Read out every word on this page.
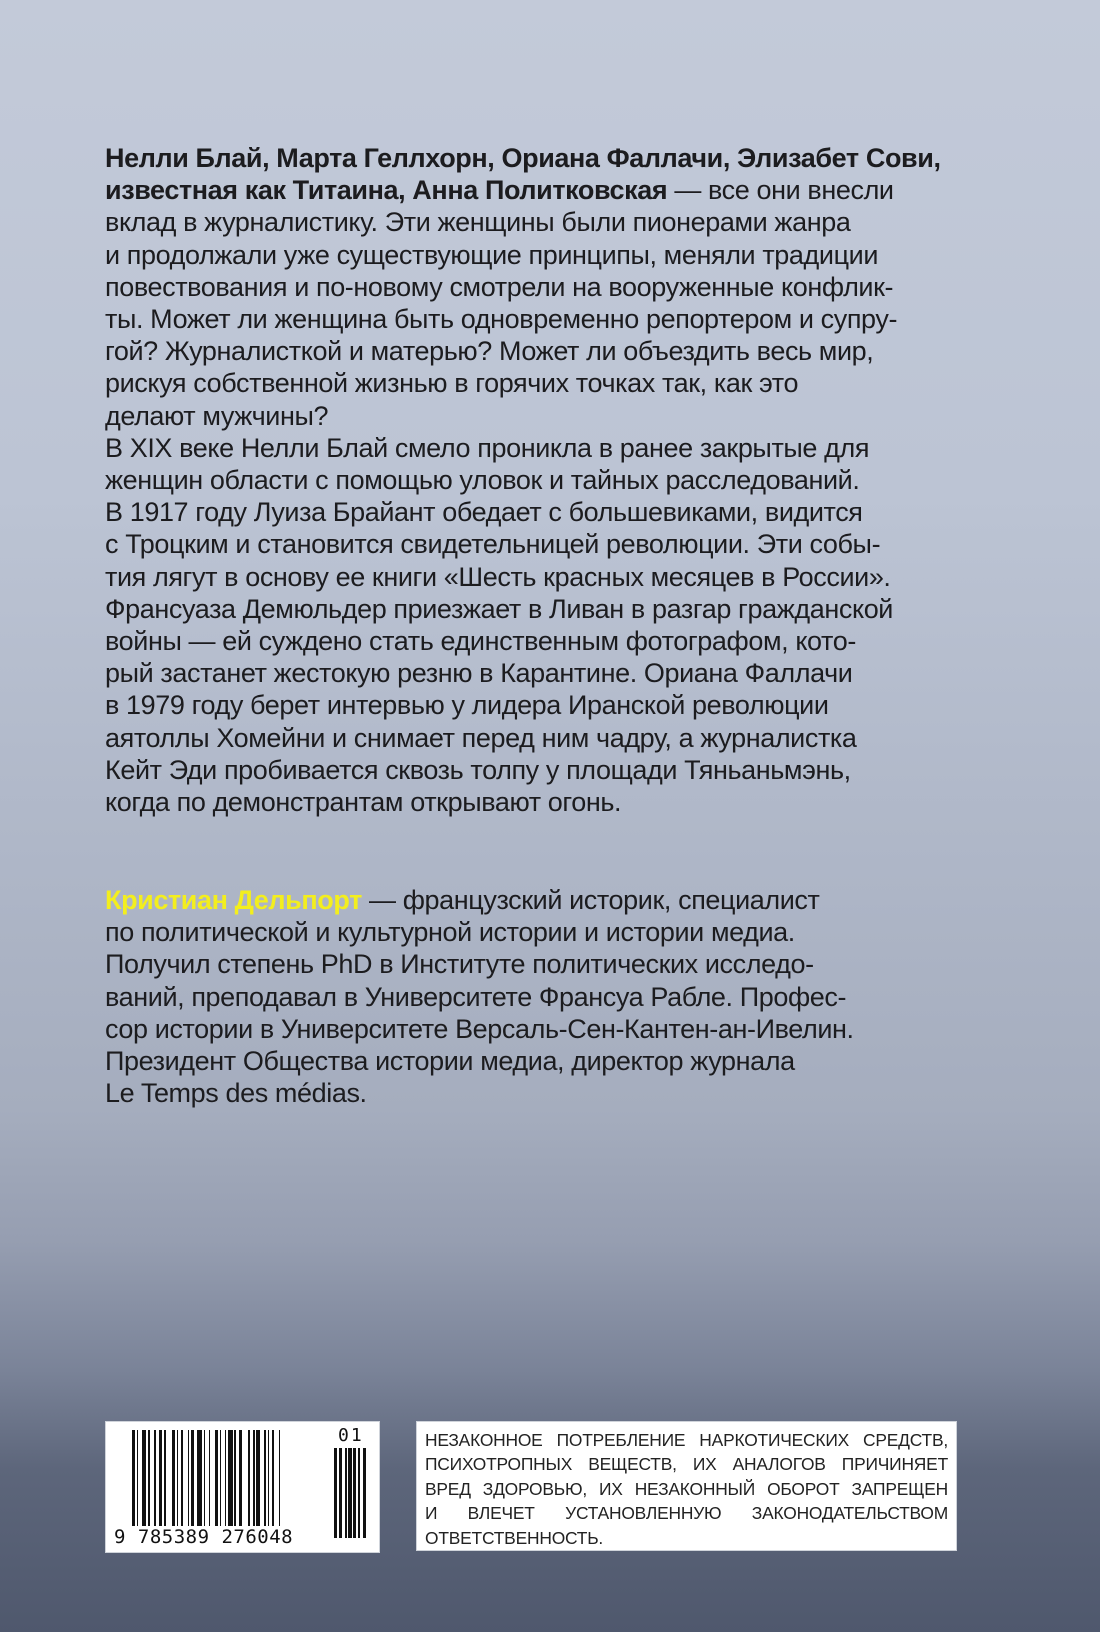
Нелли Блай, Марта Геллхорн, Ориана Фаллачи, Элизабет Сови,
известная как Титаина, Анна Политковская — все они внесли
вклад в журналистику. Эти женщины были пионерами жанра
и продолжали уже существующие принципы, меняли традиции
повествования и по-новому смотрели на вооруженные конфлик-
ты. Может ли женщина быть одновременно репортером и супру-
гой? Журналисткой и матерью? Может ли объездить весь мир,
рискуя собственной жизнью в горячих точках так, как это
делают мужчины?
В XIX веке Нелли Блай смело проникла в ранее закрытые для
женщин области с помощью уловок и тайных расследований.
В 1917 году Луиза Брайант обедает с большевиками, видится
с Троцким и становится свидетельницей революции. Эти собы-
тия лягут в основу ее книги «Шесть красных месяцев в России».
Франсуаза Демюльдер приезжает в Ливан в разгар гражданской
войны — ей суждено стать единственным фотографом, кото-
рый застанет жестокую резню в Карантине. Ориана Фаллачи
в 1979 году берет интервью у лидера Иранской революции
аятоллы Хомейни и снимает перед ним чадру, а журналистка
Кейт Эди пробивается сквозь толпу у площади Тяньаньмэнь,
когда по демонстрантам открывают огонь.
Кристиан Дельпорт — французский историк, специалист
по политической и культурной истории и истории медиа.
Получил степень PhD в Институте политических исследо-
ваний, преподавал в Университете Франсуа Рабле. Профес-
сор истории в Университете Версаль-Сен-Кантен-ан-Ивелин.
Президент Общества истории медиа, директор журнала
Le Temps des médias.
01
9 785389 276048
НЕЗАКОННОЕ ПОТРЕБЛЕНИЕ НАРКОТИЧЕСКИХ СРЕДСТВ,
ПСИХОТРОПНЫХ ВЕЩЕСТВ, ИХ АНАЛОГОВ ПРИЧИНЯЕТ
ВРЕД ЗДОРОВЬЮ, ИХ НЕЗАКОННЫЙ ОБОРОТ ЗАПРЕЩЕН
И ВЛЕЧЕТ УСТАНОВЛЕННУЮ ЗАКОНОДАТЕЛЬСТВОМ
ОТВЕТСТВЕННОСТЬ.
